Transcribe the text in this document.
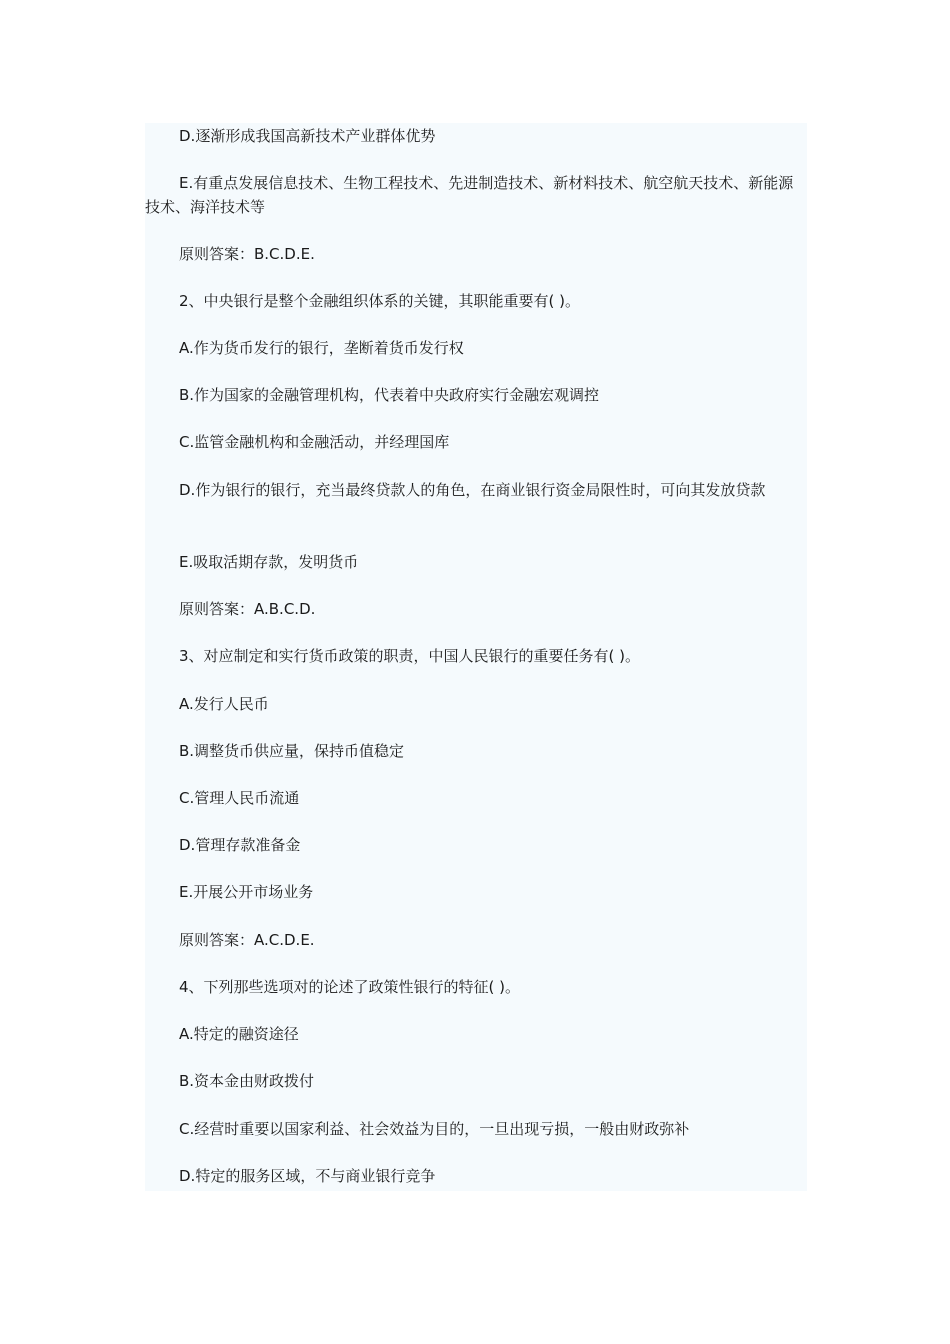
D.逐渐形成我国高新技术产业群体优势

E.有重点发展信息技术、生物工程技术、先进制造技术、新材料技术、航空航天技术、新能源技术、海洋技术等

原则答案：B.C.D.E.

2、中央银行是整个金融组织体系的关键，其职能重要有( )。

A.作为货币发行的银行，垄断着货币发行权

B.作为国家的金融管理机构，代表着中央政府实行金融宏观调控

C.监管金融机构和金融活动，并经理国库

D.作为银行的银行，充当最终贷款人的角色，在商业银行资金局限性时，可向其发放贷款

E.吸取活期存款，发明货币

原则答案：A.B.C.D.

3、对应制定和实行货币政策的职责，中国人民银行的重要任务有( )。

A.发行人民币

B.调整货币供应量，保持币值稳定

C.管理人民币流通

D.管理存款准备金

E.开展公开市场业务

原则答案：A.C.D.E.

4、下列那些选项对的论述了政策性银行的特征( )。

A.特定的融资途径

B.资本金由财政拨付

C.经营时重要以国家利益、社会效益为目的，一旦出现亏损，一般由财政弥补

D.特定的服务区域，不与商业银行竞争
